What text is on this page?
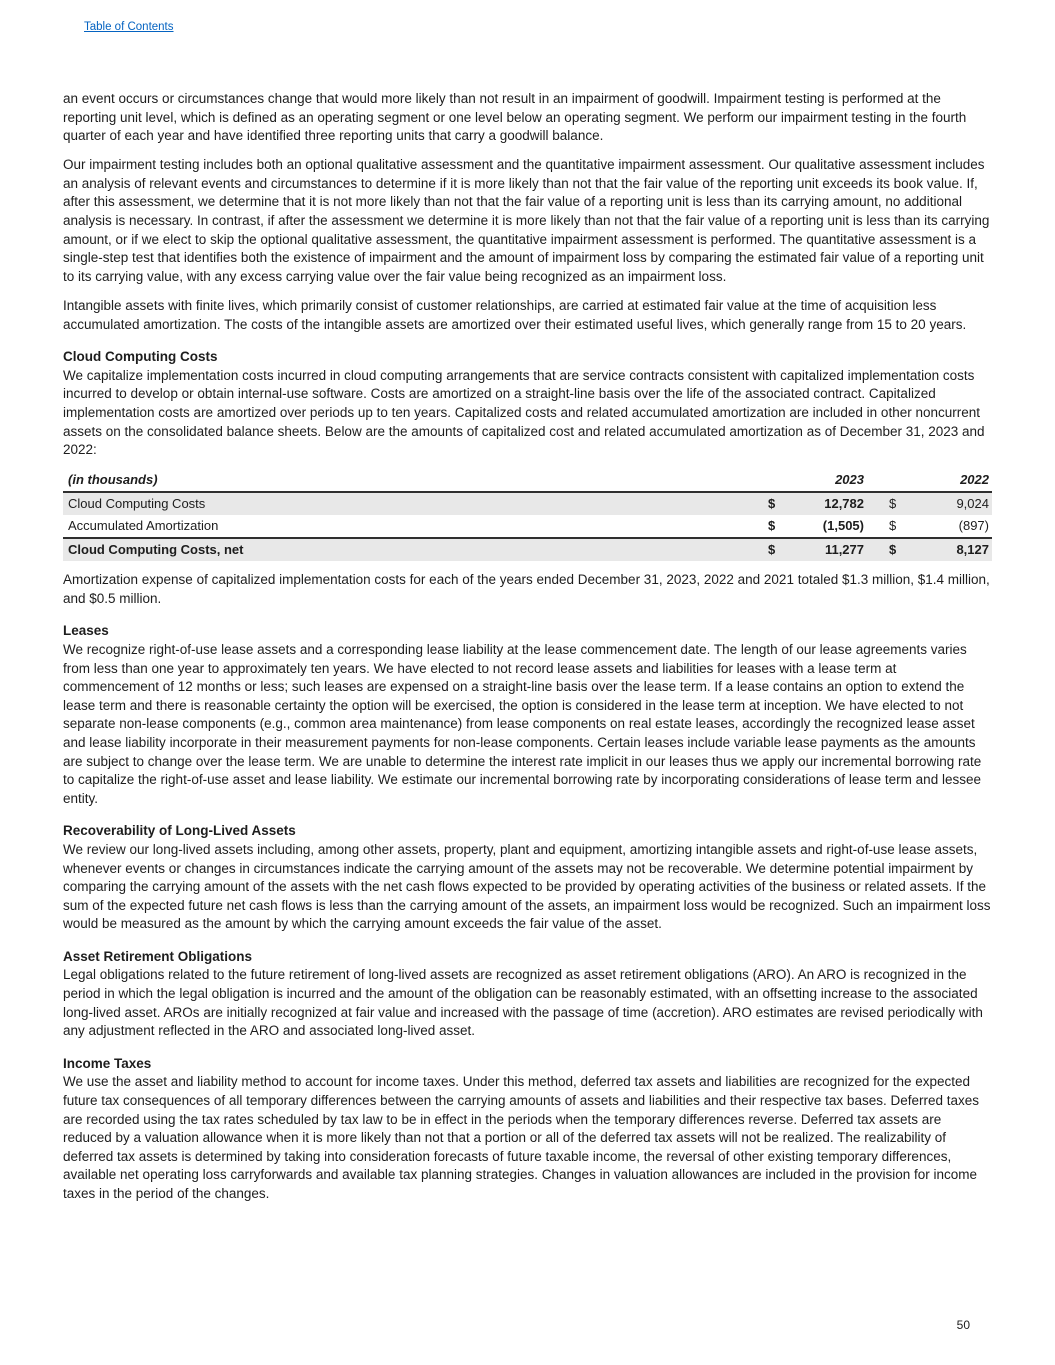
Table of Contents

an event occurs or circumstances change that would more likely than not result in an impairment of goodwill. Impairment testing is performed at the reporting unit level, which is defined as an operating segment or one level below an operating segment. We perform our impairment testing in the fourth quarter of each year and have identified three reporting units that carry a goodwill balance.

Our impairment testing includes both an optional qualitative assessment and the quantitative impairment assessment. Our qualitative assessment includes an analysis of relevant events and circumstances to determine if it is more likely than not that the fair value of the reporting unit exceeds its book value. If, after this assessment, we determine that it is not more likely than not that the fair value of a reporting unit is less than its carrying amount, no additional analysis is necessary. In contrast, if after the assessment we determine it is more likely than not that the fair value of a reporting unit is less than its carrying amount, or if we elect to skip the optional qualitative assessment, the quantitative impairment assessment is performed. The quantitative assessment is a single-step test that identifies both the existence of impairment and the amount of impairment loss by comparing the estimated fair value of a reporting unit to its carrying value, with any excess carrying value over the fair value being recognized as an impairment loss.

Intangible assets with finite lives, which primarily consist of customer relationships, are carried at estimated fair value at the time of acquisition less accumulated amortization. The costs of the intangible assets are amortized over their estimated useful lives, which generally range from 15 to 20 years.

Cloud Computing Costs

We capitalize implementation costs incurred in cloud computing arrangements that are service contracts consistent with capitalized implementation costs incurred to develop or obtain internal-use software. Costs are amortized on a straight-line basis over the life of the associated contract. Capitalized implementation costs are amortized over periods up to ten years. Capitalized costs and related accumulated amortization are included in other noncurrent assets on the consolidated balance sheets. Below are the amounts of capitalized cost and related accumulated amortization as of December 31, 2023 and 2022:

(in thousands)	2023	2022
Cloud Computing Costs	$	12,782 $	9,024
Accumulated Amortization	$	(1,505) $	(897)
Cloud Computing Costs, net	$	11,277 $	8,127

Amortization expense of capitalized implementation costs for each of the years ended December 31, 2023, 2022 and 2021 totaled $1.3 million, $1.4 million, and $0.5 million.

Leases

We recognize right-of-use lease assets and a corresponding lease liability at the lease commencement date. The length of our lease agreements varies from less than one year to approximately ten years. We have elected to not record lease assets and liabilities for leases with a lease term at commencement of 12 months or less; such leases are expensed on a straight-line basis over the lease term. If a lease contains an option to extend the lease term and there is reasonable certainty the option will be exercised, the option is considered in the lease term at inception. We have elected to not separate non-lease components (e.g., common area maintenance) from lease components on real estate leases, accordingly the recognized lease asset and lease liability incorporate in their measurement payments for non-lease components. Certain leases include variable lease payments as the amounts are subject to change over the lease term. We are unable to determine the interest rate implicit in our leases thus we apply our incremental borrowing rate to capitalize the right-of-use asset and lease liability. We estimate our incremental borrowing rate by incorporating considerations of lease term and lessee entity.

Recoverability of Long-Lived Assets

We review our long-lived assets including, among other assets, property, plant and equipment, amortizing intangible assets and right-of-use lease assets, whenever events or changes in circumstances indicate the carrying amount of the assets may not be recoverable. We determine potential impairment by comparing the carrying amount of the assets with the net cash flows expected to be provided by operating activities of the business or related assets. If the sum of the expected future net cash flows is less than the carrying amount of the assets, an impairment loss would be recognized. Such an impairment loss would be measured as the amount by which the carrying amount exceeds the fair value of the asset.

Asset Retirement Obligations

Legal obligations related to the future retirement of long-lived assets are recognized as asset retirement obligations (ARO). An ARO is recognized in the period in which the legal obligation is incurred and the amount of the obligation can be reasonably estimated, with an offsetting increase to the associated long-lived asset. AROs are initially recognized at fair value and increased with the passage of time (accretion). ARO estimates are revised periodically with any adjustment reflected in the ARO and associated long-lived asset.

Income Taxes

We use the asset and liability method to account for income taxes. Under this method, deferred tax assets and liabilities are recognized for the expected future tax consequences of all temporary differences between the carrying amounts of assets and liabilities and their respective tax bases. Deferred taxes are recorded using the tax rates scheduled by tax law to be in effect in the periods when the temporary differences reverse. Deferred tax assets are reduced by a valuation allowance when it is more likely than not that a portion or all of the deferred tax assets will not be realized. The realizability of deferred tax assets is determined by taking into consideration forecasts of future taxable income, the reversal of other existing temporary differences, available net operating loss carryforwards and available tax planning strategies. Changes in valuation allowances are included in the provision for income taxes in the period of the changes.

50
